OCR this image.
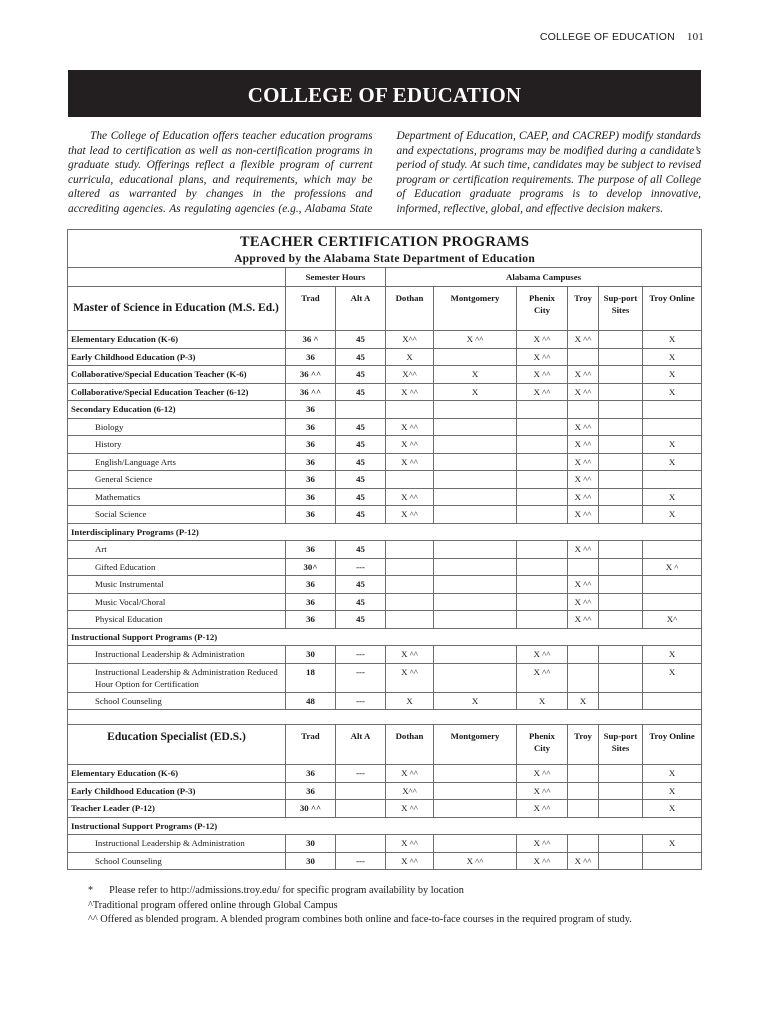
COLLEGE OF EDUCATION 101
COLLEGE OF EDUCATION

The College of Education offers teacher education programs that lead to certification as well as non-certification programs in graduate study. Offerings reflect a flexible program of current curricula, educational plans, and requirements, which may be altered as warranted by changes in the professions and accrediting agencies. As regulating agencies (e.g., Alabama State Department of Education, CAEP, and CACREP) modify standards and expectations, programs may be modified during a candidate’s period of study. At such time, candidates may be subject to revised program or certification requirements. The purpose of all College of Education graduate programs is to develop innovative, informed, reflective, global, and effective decision makers.

TEACHER CERTIFICATION PROGRAMS								
Approved by the Alabama State Department of Education								
	Semester Hours		Alabama Campuses					
Master of Science in Education (M.S. Ed.)	Trad	Alt A	Dothan	Montgomery	Phenix City	Troy	Sup-port Sites	Troy Online
Elementary Education (K-6)	36 ^	45	X^^	X ^^	X ^^	X ^^		X
Early Childhood Education (P-3)	36	45	X		X ^^			X
Collaborative/Special Education Teacher (K-6)	36 ^^	45	X^^	X	X ^^	X ^^		X
Collaborative/Special Education Teacher (6-12)	36 ^^	45	X ^^	X	X ^^	X ^^		X
Secondary Education (6-12)	36							
Biology	36	45	X ^^			X ^^		
History	36	45	X ^^			X ^^		X
English/Language Arts	36	45	X ^^			X ^^		X
General Science	36	45				X ^^		
Mathematics	36	45	X ^^			X ^^		X
Social Science	36	45	X ^^			X ^^		X
Interdisciplinary Programs (P-12)								
Art	36	45				X ^^		
Gifted Education	30^	---						X ^
Music Instrumental	36	45				X ^^		
Music Vocal/Choral	36	45				X ^^		
Physical Education	36	45				X ^^		X^
Instructional Support Programs (P-12)								
Instructional Leadership & Administration	30	---	X ^^		X ^^			X
Instructional Leadership & Administration Reduced Hour Option for Certification	18	---	X ^^		X ^^			X
School Counseling	48	---	X	X	X	X		

Education Specialist (ED.S.)	Trad	Alt A	Dothan	Montgomery	Phenix City	Troy	Sup-port Sites	Troy Online
Elementary Education (K-6)	36	---	X ^^		X ^^			X
Early Childhood Education (P-3)	36		X^^		X ^^			X
Teacher Leader (P-12)	30 ^^		X ^^		X ^^			X
Instructional Support Programs (P-12)								
Instructional Leadership & Administration	30		X ^^		X ^^			X
School Counseling	30	---	X ^^	X ^^	X ^^	X ^^		
* Please refer to http://admissions.troy.edu/ for specific program availability by location
^Traditional program offered online through Global Campus
^^ Offered as blended program. A blended program combines both online and face-to-face courses in the required program of study.
